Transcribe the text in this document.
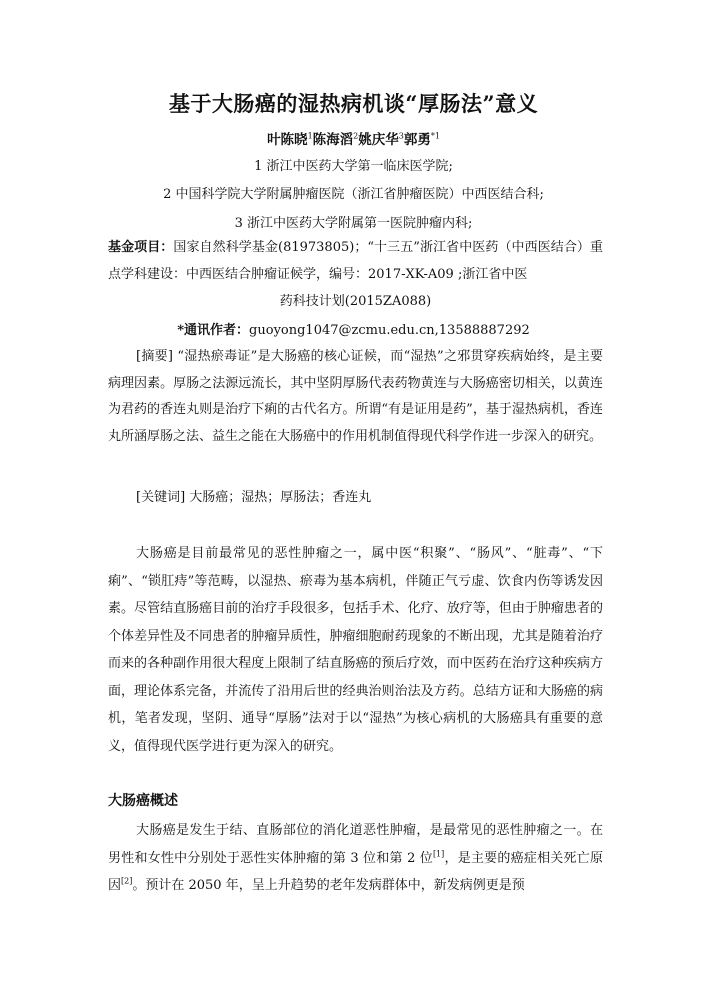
基于大肠癌的湿热病机谈“厚肠法”意义
叶陈晓$^1$陈海滔$^2$姚庆华$^3$郭勇$^{*1}$
1 浙江中医药大学第一临床医学院;
2 中国科学院大学附属肿瘤医院（浙江省肿瘤医院）中西医结合科;
3 浙江中医药大学附属第一医院肿瘤内科;
基金项目：国家自然科学基金(81973805)；“十三五”浙江省中医药（中西医结合）重点学科建设：中西医结合肿瘤证候学，编号：2017-XK-A09 ;浙江省中医
药科技计划(2015ZA088)
*通讯作者：guoyong1047@zcmu.edu.cn,13588887292
[摘要] “湿热瘀毒证”是大肠癌的核心证候，而“湿热”之邪贯穿疾病始终，是主要病理因素。厚肠之法源远流长，其中坚阴厚肠代表药物黄连与大肠癌密切相关，以黄连为君药的香连丸则是治疗下痢的古代名方。所谓“有是证用是药”，基于湿热病机，香连丸所涵厚肠之法、益生之能在大肠癌中的作用机制值得现代科学作进一步深入的研究。
[关键词] 大肠癌；湿热；厚肠法；香连丸
大肠癌是目前最常见的恶性肿瘤之一，属中医“积聚”、“肠风”、“脏毒”、“下痢”、“锁肛痔”等范畴，以湿热、瘀毒为基本病机，伴随正气亏虚、饮食内伤等诱发因素。尽管结直肠癌目前的治疗手段很多，包括手术、化疗、放疗等，但由于肿瘤患者的个体差异性及不同患者的肿瘤异质性，肿瘤细胞耐药现象的不断出现，尤其是随着治疗而来的各种副作用很大程度上限制了结直肠癌的预后疗效，而中医药在治疗这种疾病方面，理论体系完备，并流传了沿用后世的经典治则治法及方药。总结方证和大肠癌的病机，笔者发现，坚阴、通导“厚肠”法对于以“湿热”为核心病机的大肠癌具有重要的意义，值得现代医学进行更为深入的研究。
大肠癌概述
大肠癌是发生于结、直肠部位的消化道恶性肿瘤，是最常见的恶性肿瘤之一。在男性和女性中分别处于恶性实体肿瘤的第 3 位和第 2 位[1]，是主要的癌症相关死亡原因[2]。预计在 2050 年，呈上升趋势的老年发病群体中，新发病例更是预
